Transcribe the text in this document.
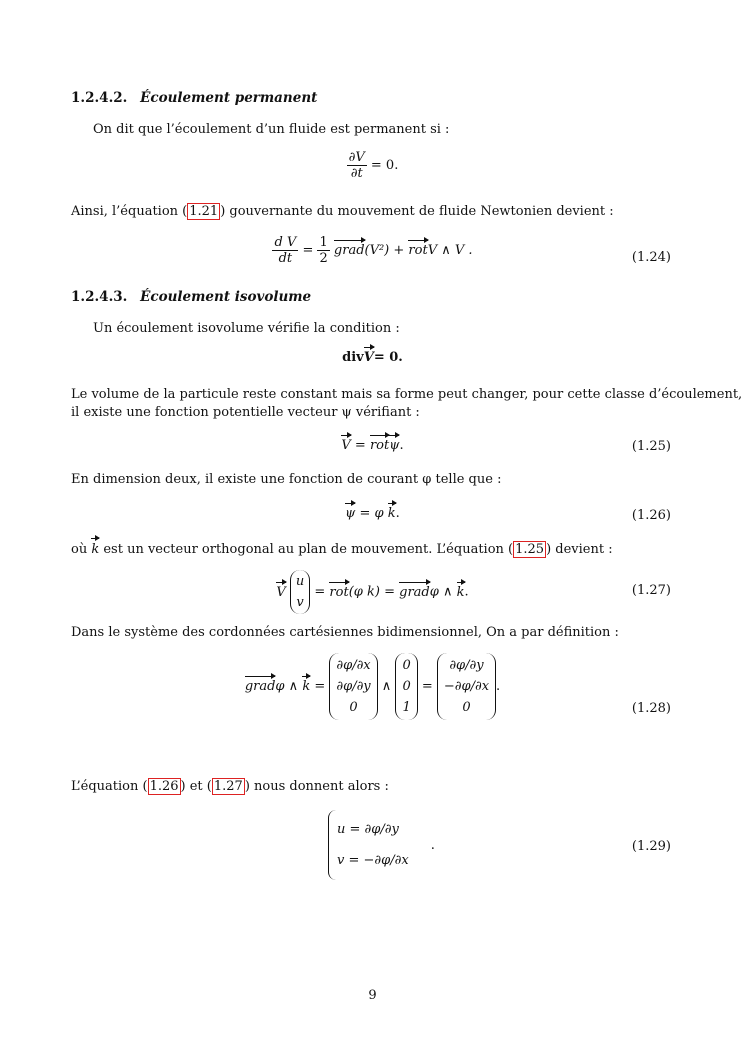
1.2.4.2. Écoulement permanent
On dit que l’écoulement d’un fluide est permanent si :
$\frac{\partial V}{\partial t} = 0$.
Ainsi, l’équation ( 1.21 ) gouvernante du mouvement de fluide Newtonien devient :
$\frac{\text{d V}}{dt} = \frac{1}{2}$ grad(V²) + rotV ∧ V .	(1.24)
1.2.4.3. Écoulement isovolume
Un écoulement isovolume vérifie la condition :
divV= 0.
Le volume de la particule reste constant mais sa forme peut changer, pour cette classe d’écoulement,
il existe une fonction potentielle vecteur ψ vérifiant :
V = rotψ.	(1.25)
En dimension deux, il existe une fonction de courant φ telle que :
ψ = φ k.	(1.26)
où k est un vecteur orthogonal au plan de mouvement. L’équation ( 1.25 ) devient :
V
u
v
= rot(φ k) = gradφ ∧ k.	(1.27)
Dans le système des cordonnées cartésiennes bidimensionnel, On a par définition :
gradφ ∧ k =
∂φ/∂x
∂φ/∂y
0
∧
0
0
1
=
∂φ/∂y
−∂φ/∂x
0
.
(1.28)
L’équation ( 1.26 ) et ( 1.27 ) nous donnent alors :
u = ∂φ/∂y
v = −∂φ/∂x
.	(1.29)
9
